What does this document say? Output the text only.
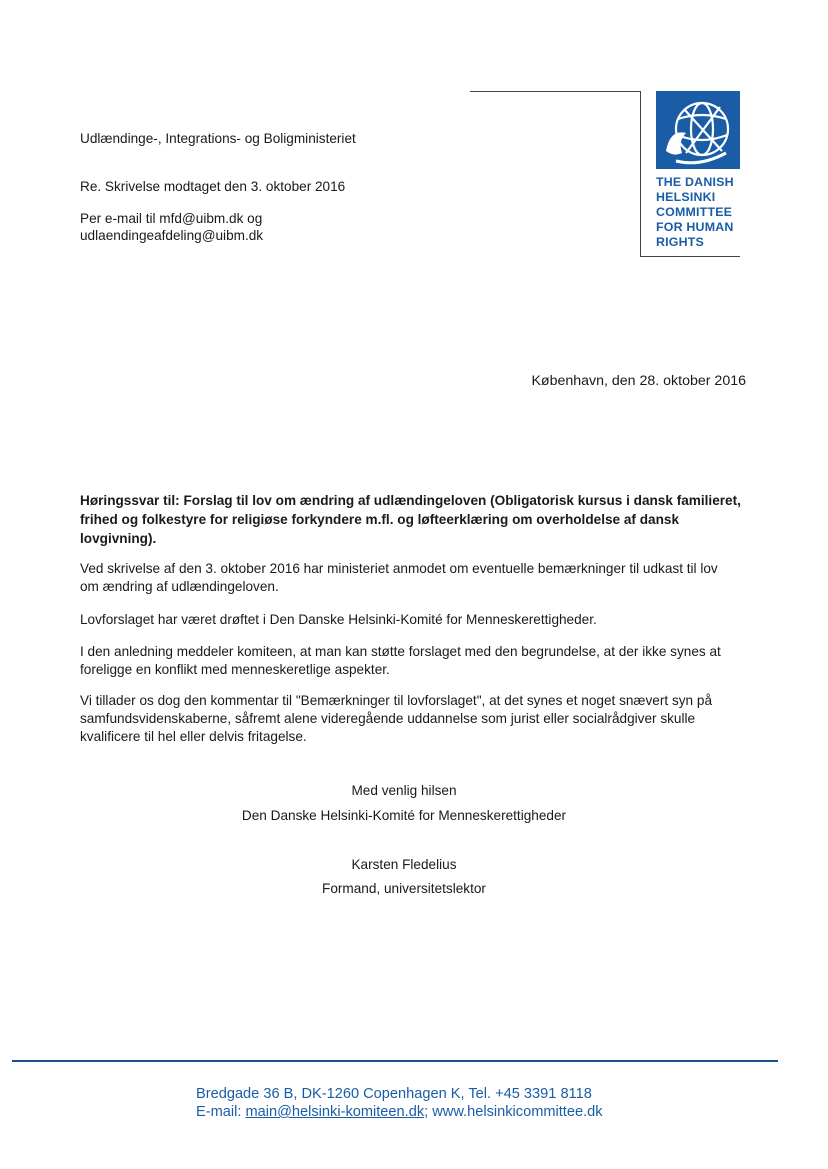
THE DANISH
HELSINKI
COMMITTEE
FOR HUMAN
RIGHTS
Udlændinge-, Integrations- og Boligministeriet
Re. Skrivelse modtaget den 3. oktober 2016
Per e-mail til mfd@uibm.dk og
udlaendingeafdeling@uibm.dk
København, den 28. oktober 2016
Høringssvar til: Forslag til lov om ændring af udlændingeloven (Obligatorisk kursus i dansk familieret, frihed og folkestyre for religiøse forkyndere m.fl. og løfteerklæring om overholdelse af dansk lovgivning).
Ved skrivelse af den 3. oktober 2016 har ministeriet anmodet om eventuelle bemærkninger til udkast til lov
om ændring af udlændingeloven.
Lovforslaget har været drøftet i Den Danske Helsinki-Komité for Menneskerettigheder.
I den anledning meddeler komiteen, at man kan støtte forslaget med den begrundelse, at der ikke synes at
foreligge en konflikt med menneskeretlige aspekter.
Vi tillader os dog den kommentar til "Bemærkninger til lovforslaget", at det synes et noget snævert syn på
samfundsvidenskaberne, såfremt alene videregående uddannelse som jurist eller socialrådgiver skulle
kvalificere til hel eller delvis fritagelse.
Med venlig hilsen
Den Danske Helsinki-Komité for Menneskerettigheder
Karsten Fledelius
Formand, universitetslektor
Bredgade 36 B, DK-1260 Copenhagen K, Tel. +45 3391 8118
E-mail: main@helsinki-komiteen.dk; www.helsinkicommittee.dk
